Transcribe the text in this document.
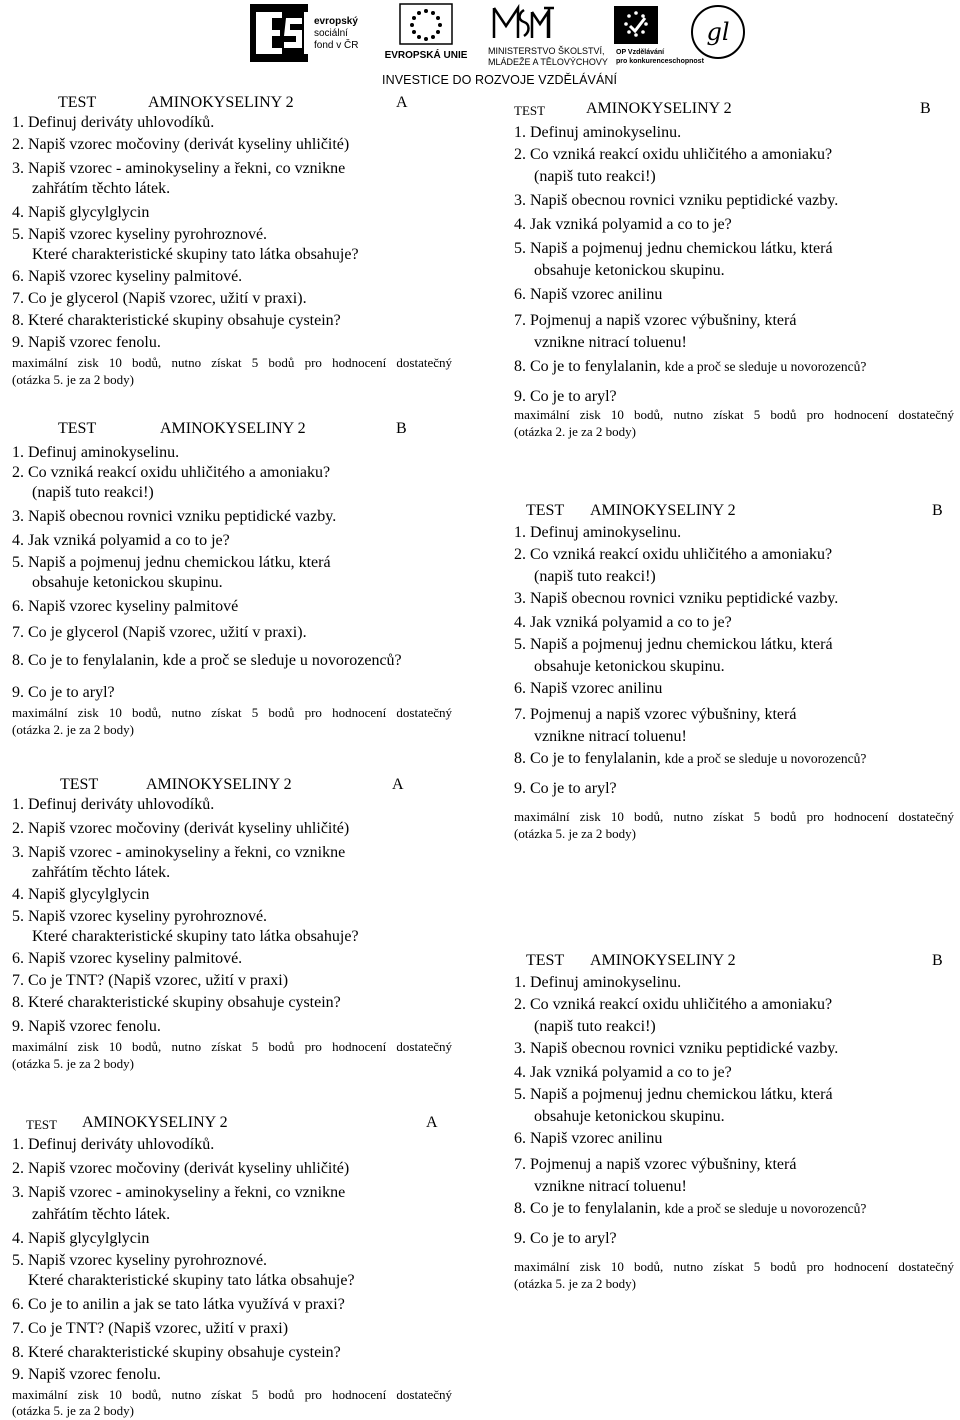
evropský
sociální
fond v ČR
EVROPSKÁ UNIE MINISTERSTVO ŠKOLSTVÍ,
MLÁDEŽE A TĚLOVÝCHOVY
OP Vzdělávání
pro konkurenceschopnost
gl
INVESTICE DO ROZVOJE VZDĚLÁVÁNÍ
TEST	AMINOKYSELINY 2	A
1. Definuj deriváty uhlovodíků.
2. Napiš vzorec močoviny (derivát kyseliny uhličité)
3. Napiš vzorec - aminokyseliny a řekni, co vznikne
zahřátím těchto látek.
4. Napiš glycylglycin
5. Napiš vzorec kyseliny pyrohroznové.
Které charakteristické skupiny tato látka obsahuje?
6. Napiš vzorec kyseliny palmitové.
7. Co je glycerol (Napiš vzorec, užití v praxi).
8. Které charakteristické skupiny obsahuje cystein?
9. Napiš vzorec fenolu.
maximální zisk 10 bodů, nutno získat 5 bodů pro hodnocení dostatečný
(otázka 5. je za 2 body)
TEST	AMINOKYSELINY 2	B
1. Definuj aminokyselinu.
2. Co vzniká reakcí oxidu uhličitého a amoniaku?
(napiš tuto reakci!)
3. Napiš obecnou rovnici vzniku peptidické vazby.
4. Jak vzniká polyamid a co to je?
5. Napiš a pojmenuj jednu chemickou látku, která
obsahuje ketonickou skupinu.
6. Napiš vzorec kyseliny palmitové
7. Co je glycerol (Napiš vzorec, užití v praxi).
8. Co je to fenylalanin, kde a proč se sleduje u novorozenců?
9. Co je to aryl?
maximální zisk 10 bodů, nutno získat 5 bodů pro hodnocení dostatečný
(otázka 2. je za 2 body)
TEST	AMINOKYSELINY 2	A
1. Definuj deriváty uhlovodíků.
2. Napiš vzorec močoviny (derivát kyseliny uhličité)
3. Napiš vzorec - aminokyseliny a řekni, co vznikne
zahřátím těchto látek.
4. Napiš glycylglycin
5. Napiš vzorec kyseliny pyrohroznové.
Které charakteristické skupiny tato látka obsahuje?
6. Napiš vzorec kyseliny palmitové.
7. Co je TNT? (Napiš vzorec, užití v praxi)
8. Které charakteristické skupiny obsahuje cystein?
9. Napiš vzorec fenolu.
maximální zisk 10 bodů, nutno získat 5 bodů pro hodnocení dostatečný
(otázka 5. je za 2 body)
TEST AMINOKYSELINY 2	A
1. Definuj deriváty uhlovodíků.
2. Napiš vzorec močoviny (derivát kyseliny uhličité)
3. Napiš vzorec - aminokyseliny a řekni, co vznikne
zahřátím těchto látek.
4. Napiš glycylglycin
5. Napiš vzorec kyseliny pyrohroznové.
Které charakteristické skupiny tato látka obsahuje?
6. Co je to anilin a jak se tato látka využívá v praxi?
7. Co je TNT? (Napiš vzorec, užití v praxi)
8. Které charakteristické skupiny obsahuje cystein?
9. Napiš vzorec fenolu.
maximální zisk 10 bodů, nutno získat 5 bodů pro hodnocení dostatečný
(otázka 5. je za 2 body)
TEST	AMINOKYSELINY 2	B
1. Definuj aminokyselinu.
2. Co vzniká reakcí oxidu uhličitého a amoniaku?
(napiš tuto reakci!)
3. Napiš obecnou rovnici vzniku peptidické vazby.
4. Jak vzniká polyamid a co to je?
5. Napiš a pojmenuj jednu chemickou látku, která
obsahuje ketonickou skupinu.
6. Napiš vzorec anilinu
7. Pojmenuj a napiš vzorec výbušniny, která
vznikne nitrací toluenu!
8. Co je to fenylalanin, kde a proč se sleduje u novorozenců?
9. Co je to aryl?
maximální zisk 10 bodů, nutno získat 5 bodů pro hodnocení dostatečný
(otázka 2. je za 2 body)
TEST AMINOKYSELINY 2	B
1. Definuj aminokyselinu.
2. Co vzniká reakcí oxidu uhličitého a amoniaku?
(napiš tuto reakci!)
3. Napiš obecnou rovnici vzniku peptidické vazby.
4. Jak vzniká polyamid a co to je?
5. Napiš a pojmenuj jednu chemickou látku, která
obsahuje ketonickou skupinu.
6. Napiš vzorec anilinu
7. Pojmenuj a napiš vzorec výbušniny, která
vznikne nitrací toluenu!
8. Co je to fenylalanin, kde a proč se sleduje u novorozenců?
9. Co je to aryl?
maximální zisk 10 bodů, nutno získat 5 bodů pro hodnocení dostatečný
(otázka 5. je za 2 body)
TEST AMINOKYSELINY 2	B
1. Definuj aminokyselinu.
2. Co vzniká reakcí oxidu uhličitého a amoniaku?
(napiš tuto reakci!)
3. Napiš obecnou rovnici vzniku peptidické vazby.
4. Jak vzniká polyamid a co to je?
5. Napiš a pojmenuj jednu chemickou látku, která
obsahuje ketonickou skupinu.
6. Napiš vzorec anilinu
7. Pojmenuj a napiš vzorec výbušniny, která
vznikne nitrací toluenu!
8. Co je to fenylalanin, kde a proč se sleduje u novorozenců?
9. Co je to aryl?
maximální zisk 10 bodů, nutno získat 5 bodů pro hodnocení dostatečný
(otázka 5. je za 2 body)
